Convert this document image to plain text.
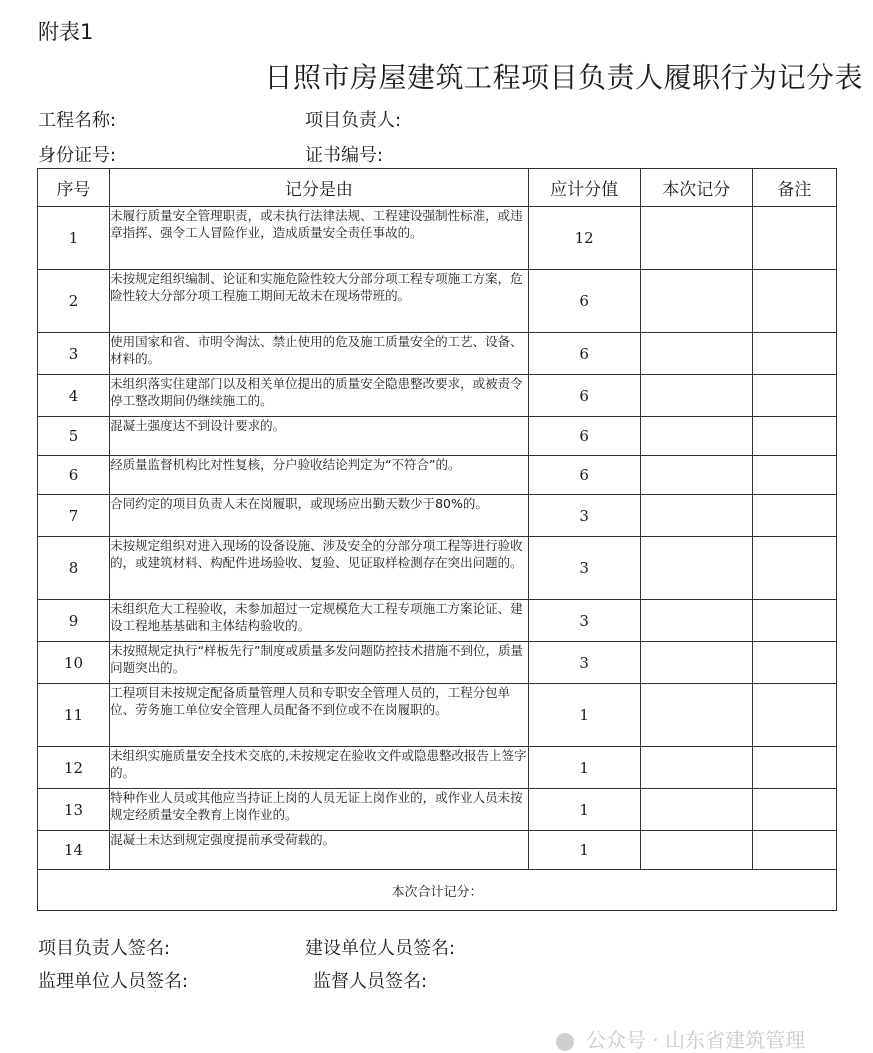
附表1
日照市房屋建筑工程项目负责人履职行为记分表
工程名称:	项目负责人:
身份证号:	证书编号:
序号	记分是由	应计分值	本次记分	备注
1	未履行质量安全管理职责，或未执行法律法规、工程建设强制性标准，或违章指挥、强令工人冒险作业，造成质量安全责任事故的。	12		
2	未按规定组织编制、论证和实施危险性较大分部分项工程专项施工方案，危险性较大分部分项工程施工期间无故未在现场带班的。	6		
3	使用国家和省、市明令淘汰、禁止使用的危及施工质量安全的工艺、设备、材料的。	6		
4	未组织落实住建部门以及相关单位提出的质量安全隐患整改要求，或被责令停工整改期间仍继续施工的。	6		
5	混凝土强度达不到设计要求的。	6		
6	经质量监督机构比对性复核，分户验收结论判定为“不符合”的。	6		
7	合同约定的项目负责人未在岗履职，或现场应出勤天数少于80%的。	3		
8	未按规定组织对进入现场的设备设施、涉及安全的分部分项工程等进行验收的，或建筑材料、构配件进场验收、复验、见证取样检测存在突出问题的。	3		
9	未组织危大工程验收，未参加超过一定规模危大工程专项施工方案论证、建设工程地基基础和主体结构验收的。	3		
10	未按照规定执行“样板先行”制度或质量多发问题防控技术措施不到位，质量问题突出的。	3		
11	工程项目未按规定配备质量管理人员和专职安全管理人员的，工程分包单位、劳务施工单位安全管理人员配备不到位或不在岗履职的。	1		
12	未组织实施质量安全技术交底的,未按规定在验收文件或隐患整改报告上签字的。	1		
13	特种作业人员或其他应当持证上岗的人员无证上岗作业的，或作业人员未按规定经质量安全教育上岗作业的。	1		
14	混凝土未达到规定强度提前承受荷载的。	1		
本次合计记分：				
项目负责人签名:	建设单位人员签名:
监理单位人员签名:	监督人员签名:
公众号 · 山东省建筑管理
